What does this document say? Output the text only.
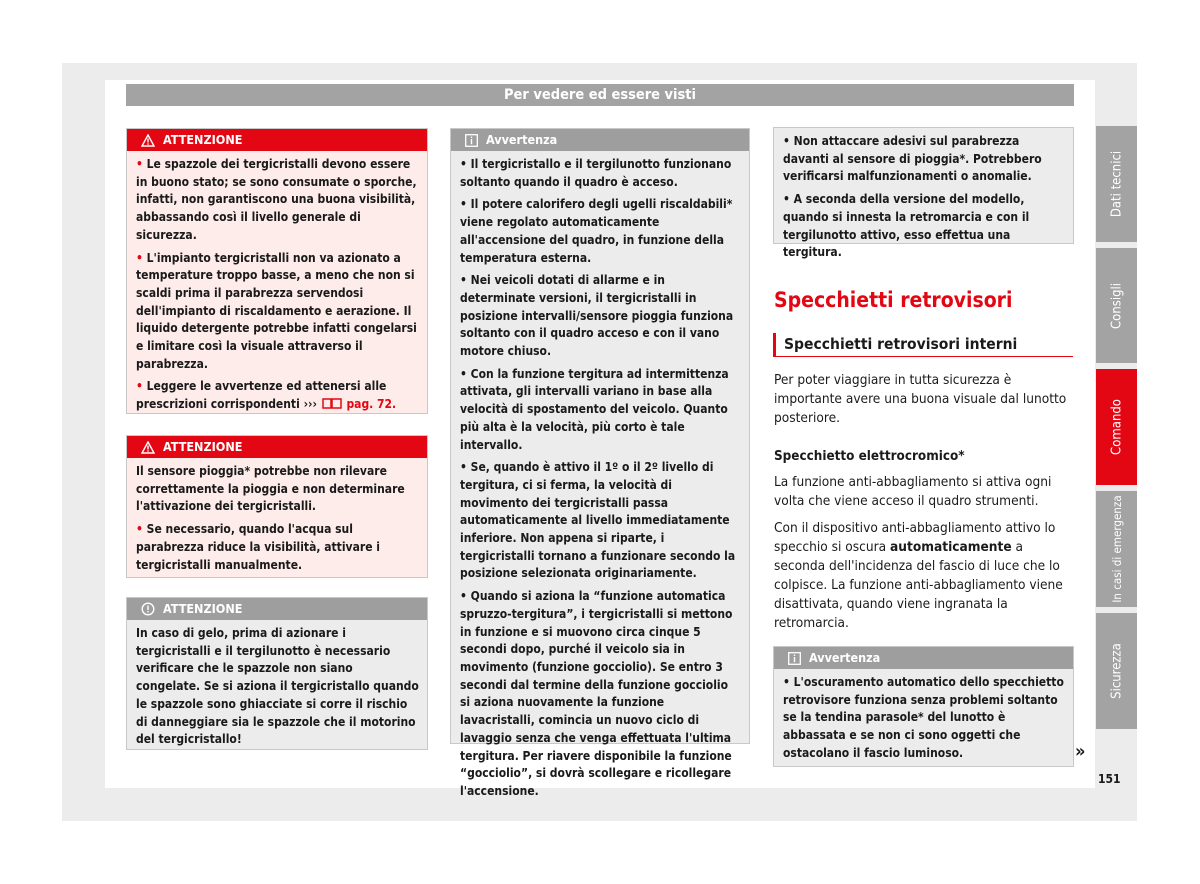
Per vedere ed essere visti
ATTENZIONE

• Le spazzole dei tergicristalli devono essere in buono stato; se sono consumate o sporche, infatti, non garantiscono una buona visibilità, abbassando così il livello generale di sicurezza.

• L'impianto tergicristalli non va azionato a temperature troppo basse, a meno che non si scaldi prima il parabrezza servendosi dell'impianto di riscaldamento e aerazione. Il liquido detergente potrebbe infatti congelarsi e limitare così la visuale attraverso il parabrezza.

• Leggere le avvertenze ed attenersi alle prescrizioni corrispondenti ››› pag. 72.

ATTENZIONE

Il sensore pioggia* potrebbe non rilevare correttamente la pioggia e non determinare l'attivazione dei tergicristalli.

• Se necessario, quando l'acqua sul parabrezza riduce la visibilità, attivare i tergicristalli manualmente.

ATTENZIONE

In caso di gelo, prima di azionare i tergicristalli e il tergilunotto è necessario verificare che le spazzole non siano congelate. Se si aziona il tergicristallo quando le spazzole sono ghiacciate si corre il rischio di danneggiare sia le spazzole che il motorino del tergicristallo!

Avvertenza

• Il tergicristallo e il tergilunotto funzionano soltanto quando il quadro è acceso.

• Il potere calorifero degli ugelli riscaldabili* viene regolato automaticamente all'accensione del quadro, in funzione della temperatura esterna.

• Nei veicoli dotati di allarme e in determinate versioni, il tergicristalli in posizione intervalli/sensore pioggia funziona soltanto con il quadro acceso e con il vano motore chiuso.

• Con la funzione tergitura ad intermittenza attivata, gli intervalli variano in base alla velocità di spostamento del veicolo. Quanto più alta è la velocità, più corto è tale intervallo.

• Se, quando è attivo il 1º o il 2º livello di tergitura, ci si ferma, la velocità di movimento dei tergicristalli passa automaticamente al livello immediatamente inferiore. Non appena si riparte, i tergicristalli tornano a funzionare secondo la posizione selezionata originariamente.

• Quando si aziona la “funzione automatica spruzzo-tergitura”, i tergicristalli si mettono in funzione e si muovono circa cinque 5 secondi dopo, purché il veicolo sia in movimento (funzione gocciolio). Se entro 3 secondi dal termine della funzione gocciolio si aziona nuovamente la funzione lavacristalli, comincia un nuovo ciclo di lavaggio senza che venga effettuata l'ultima tergitura. Per riavere disponibile la funzione “gocciolio”, si dovrà scollegare e ricollegare l'accensione.

• Non attaccare adesivi sul parabrezza davanti al sensore di pioggia*. Potrebbero verificarsi malfunzionamenti o anomalie.

• A seconda della versione del modello, quando si innesta la retromarcia e con il tergilunotto attivo, esso effettua una tergitura.

Specchietti retrovisori
Specchietti retrovisori interni

Per poter viaggiare in tutta sicurezza è importante avere una buona visuale dal lunotto posteriore.

Specchietto elettrocromico*

La funzione anti-abbagliamento si attiva ogni volta che viene acceso il quadro strumenti.

Con il dispositivo anti-abbagliamento attivo lo specchio si oscura automaticamente a seconda dell'incidenza del fascio di luce che lo colpisce. La funzione anti-abbagliamento viene disattivata, quando viene ingranata la retromarcia.

Avvertenza

• L'oscuramento automatico dello specchietto retrovisore funziona senza problemi soltanto se la tendina parasole* del lunotto è abbassata e se non ci sono oggetti che ostacolano il fascio luminoso.	»
Dati tecnici
Consigli
Comando
In casi di emergenza
Sicurezza
151
